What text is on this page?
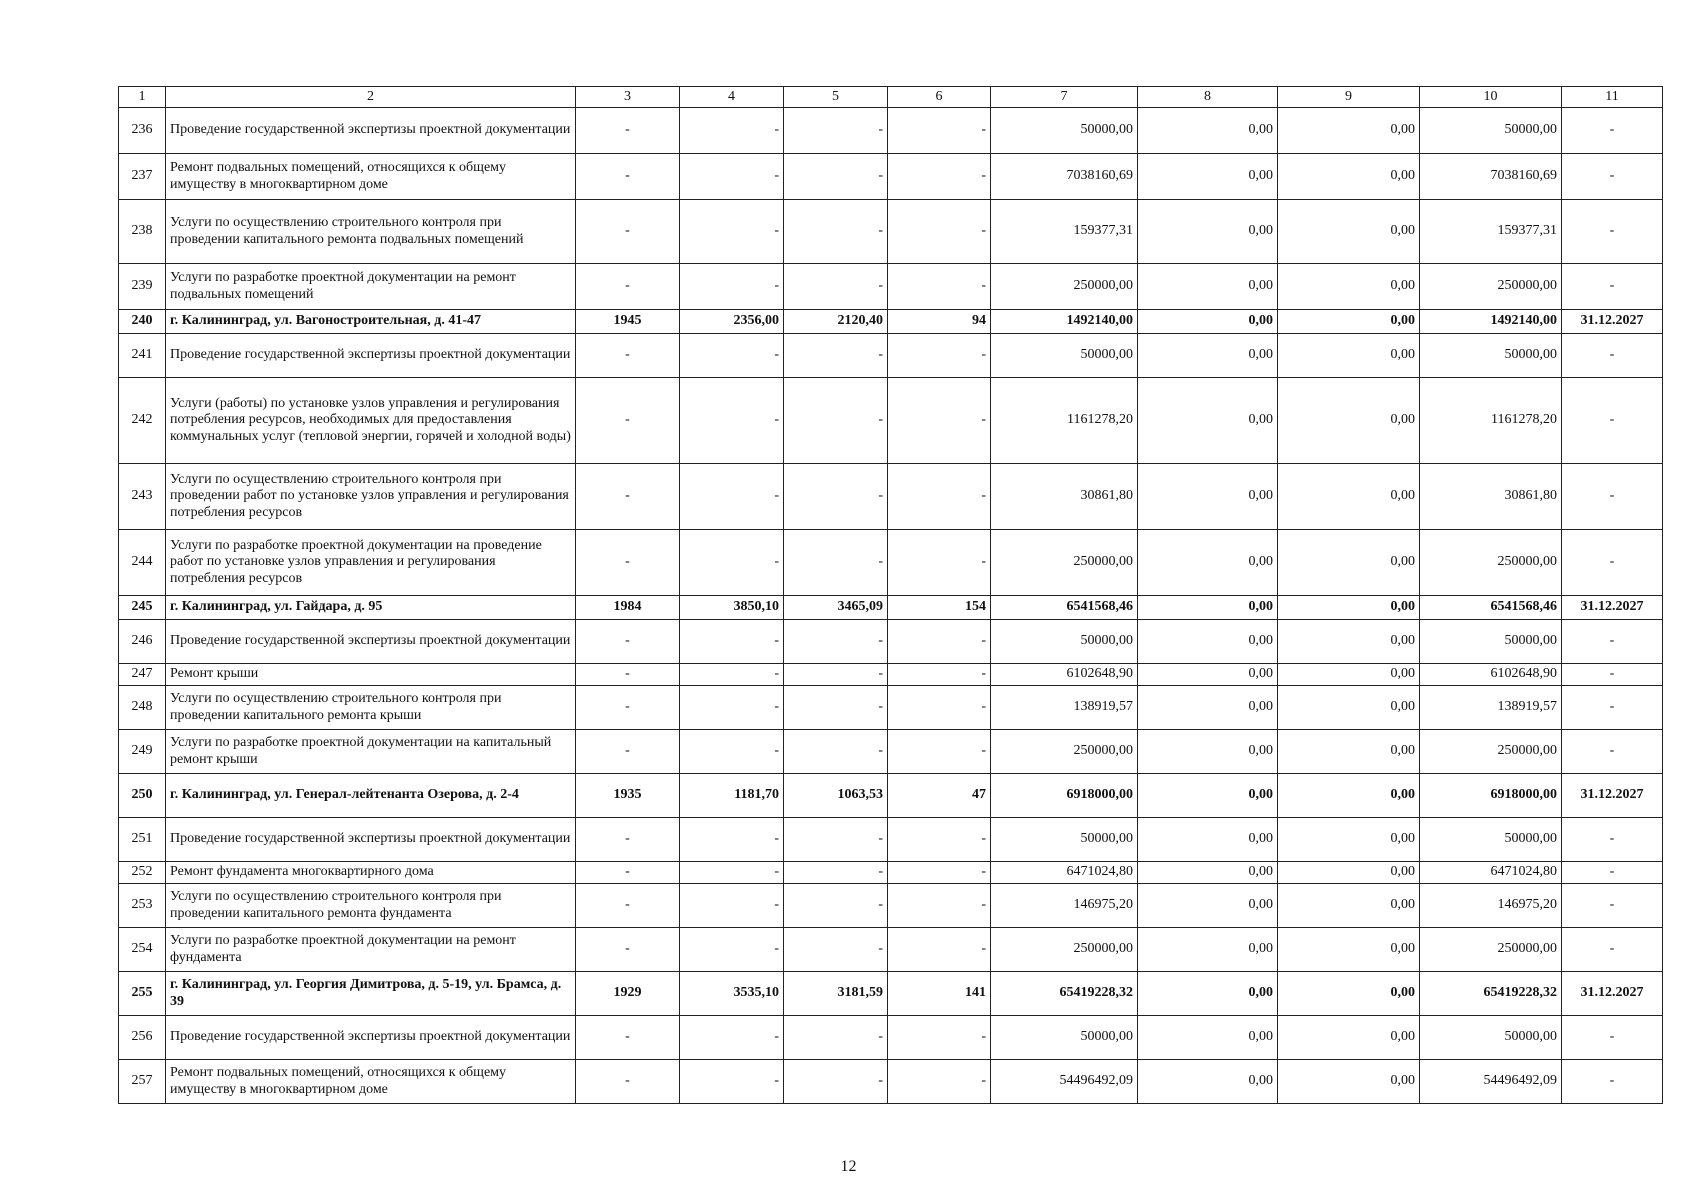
1	2	3	4	5	6	7	8	9	10	11
236	Проведение государственной экспертизы проектной документации	-	-	-	-	50000,00	0,00	0,00	50000,00	-
237	Ремонт подвальных помещений, относящихся к общему имуществу в многоквартирном доме	-	-	-	-	7038160,69	0,00	0,00	7038160,69	-
238	Услуги по осуществлению строительного контроля при проведении капитального ремонта подвальных помещений	-	-	-	-	159377,31	0,00	0,00	159377,31	-
239	Услуги по разработке проектной документации на ремонт подвальных помещений	-	-	-	-	250000,00	0,00	0,00	250000,00	-
240	г. Калининград, ул. Вагоностроительная, д. 41-47	1945	2356,00	2120,40	94	1492140,00	0,00	0,00	1492140,00	31.12.2027
241	Проведение государственной экспертизы проектной документации	-	-	-	-	50000,00	0,00	0,00	50000,00	-
242	Услуги (работы) по установке узлов управления и регулирования потребления ресурсов, необходимых для предоставления коммунальных услуг (тепловой энергии, горячей и холодной воды)	-	-	-	-	1161278,20	0,00	0,00	1161278,20	-
243	Услуги по осуществлению строительного контроля при проведении работ по установке узлов управления и регулирования потребления ресурсов	-	-	-	-	30861,80	0,00	0,00	30861,80	-
244	Услуги по разработке проектной документации на проведение работ по установке узлов управления и регулирования потребления ресурсов	-	-	-	-	250000,00	0,00	0,00	250000,00	-
245	г. Калининград, ул. Гайдара, д. 95	1984	3850,10	3465,09	154	6541568,46	0,00	0,00	6541568,46	31.12.2027
246	Проведение государственной экспертизы проектной документации	-	-	-	-	50000,00	0,00	0,00	50000,00	-
247	Ремонт крыши	-	-	-	-	6102648,90	0,00	0,00	6102648,90	-
248	Услуги по осуществлению строительного контроля при проведении капитального ремонта крыши	-	-	-	-	138919,57	0,00	0,00	138919,57	-
249	Услуги по разработке проектной документации на капитальный ремонт крыши	-	-	-	-	250000,00	0,00	0,00	250000,00	-
250	г. Калининград, ул. Генерал-лейтенанта Озерова, д. 2-4	1935	1181,70	1063,53	47	6918000,00	0,00	0,00	6918000,00	31.12.2027
251	Проведение государственной экспертизы проектной документации	-	-	-	-	50000,00	0,00	0,00	50000,00	-
252	Ремонт фундамента многоквартирного дома	-	-	-	-	6471024,80	0,00	0,00	6471024,80	-
253	Услуги по осуществлению строительного контроля при проведении капитального ремонта фундамента	-	-	-	-	146975,20	0,00	0,00	146975,20	-
254	Услуги по разработке проектной документации на ремонт фундамента	-	-	-	-	250000,00	0,00	0,00	250000,00	-
255	г. Калининград, ул. Георгия Димитрова, д. 5-19, ул. Брамса, д. 39	1929	3535,10	3181,59	141	65419228,32	0,00	0,00	65419228,32	31.12.2027
256	Проведение государственной экспертизы проектной документации	-	-	-	-	50000,00	0,00	0,00	50000,00	-
257	Ремонт подвальных помещений, относящихся к общему имуществу в многоквартирном доме	-	-	-	-	54496492,09	0,00	0,00	54496492,09	-
12
